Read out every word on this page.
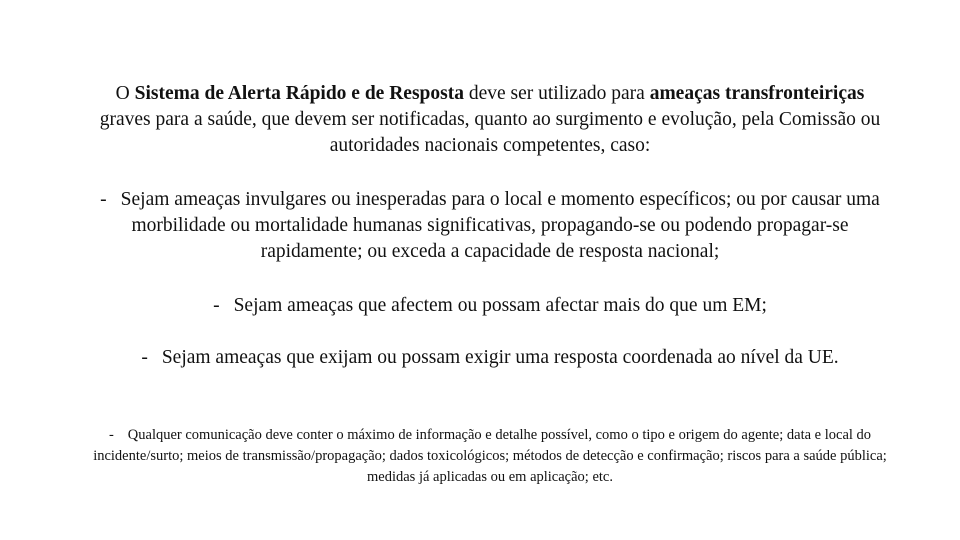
O Sistema de Alerta Rápido e de Resposta deve ser utilizado para ameaças transfronteiriças graves para a saúde, que devem ser notificadas, quanto ao surgimento e evolução, pela Comissão ou autoridades nacionais competentes, caso:

- Sejam ameaças invulgares ou inesperadas para o local e momento específicos; ou por causar uma morbilidade ou mortalidade humanas significativas, propagando-se ou podendo propagar-se rapidamente; ou exceda a capacidade de resposta nacional;

- Sejam ameaças que afectem ou possam afectar mais do que um EM;

- Sejam ameaças que exijam ou possam exigir uma resposta coordenada ao nível da UE.

- Qualquer comunicação deve conter o máximo de informação e detalhe possível, como o tipo e origem do agente; data e local do incidente/surto; meios de transmissão/propagação; dados toxicológicos; métodos de detecção e confirmação; riscos para a saúde pública; medidas já aplicadas ou em aplicação; etc.
